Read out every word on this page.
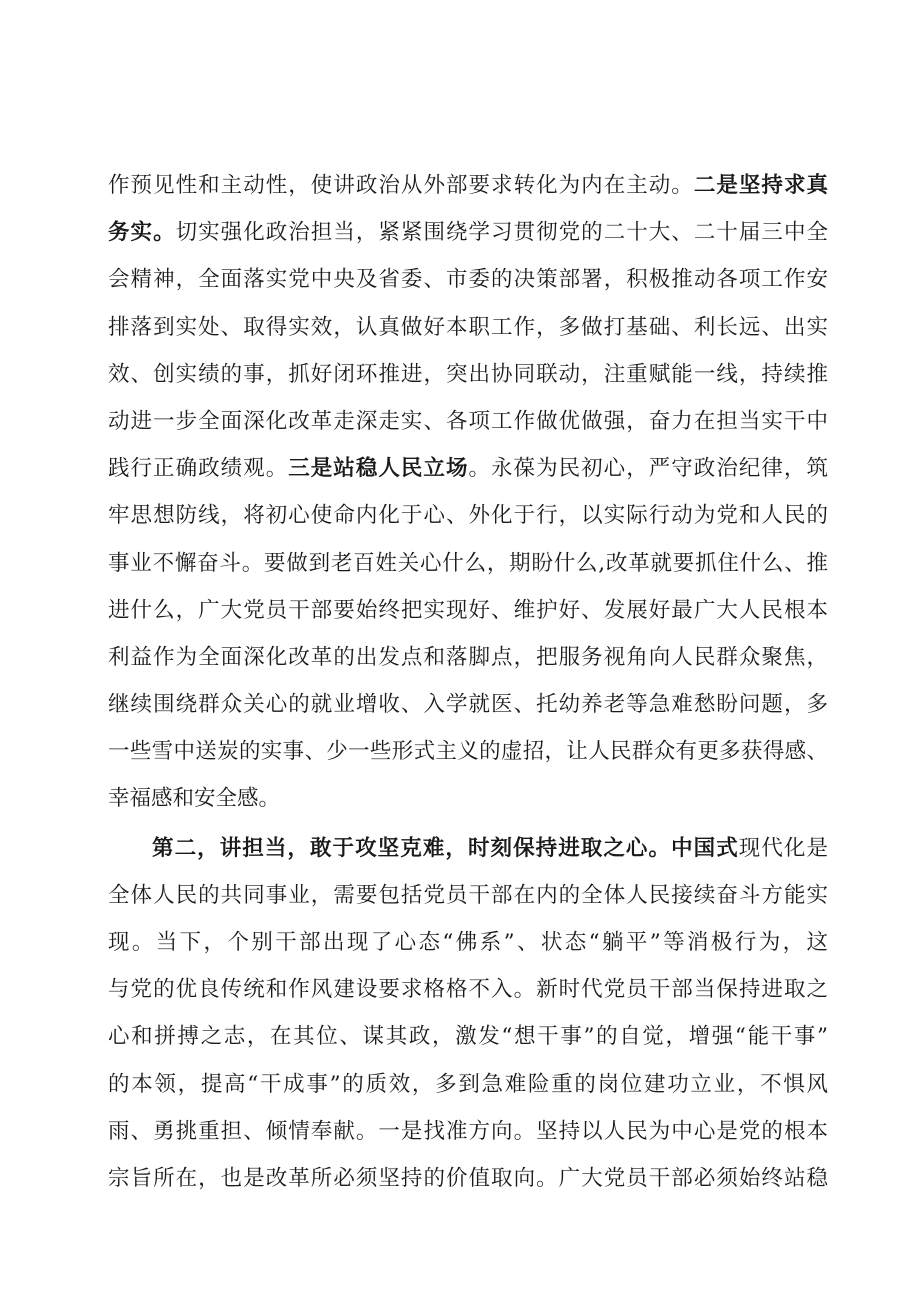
作预见性和主动性，使讲政治从外部要求转化为内在主动。二是坚持求真
务实。切实强化政治担当，紧紧围绕学习贯彻党的二十大、二十届三中全
会精神，全面落实党中央及省委、市委的决策部署，积极推动各项工作安
排落到实处、取得实效，认真做好本职工作，多做打基础、利长远、出实
效、创实绩的事，抓好闭环推进，突出协同联动，注重赋能一线，持续推
动进一步全面深化改革走深走实、各项工作做优做强，奋力在担当实干中
践行正确政绩观。三是站稳人民立场。永葆为民初心，严守政治纪律，筑
牢思想防线，将初心使命内化于心、外化于行，以实际行动为党和人民的
事业不懈奋斗。要做到老百姓关心什么，期盼什么,改革就要抓住什么、推
进什么，广大党员干部要始终把实现好、维护好、发展好最广大人民根本
利益作为全面深化改革的出发点和落脚点，把服务视角向人民群众聚焦，
继续围绕群众关心的就业增收、入学就医、托幼养老等急难愁盼问题，多
一些雪中送炭的实事、少一些形式主义的虚招，让人民群众有更多获得感、
幸福感和安全感。
第二，讲担当，敢于攻坚克难，时刻保持进取之心。中国式现代化是
全体人民的共同事业，需要包括党员干部在内的全体人民接续奋斗方能实
现。当下，个别干部出现了心态“佛系”、状态“躺平”等消极行为，这
与党的优良传统和作风建设要求格格不入。新时代党员干部当保持进取之
心和拼搏之志，在其位、谋其政，激发“想干事”的自觉，增强“能干事”
的本领，提高“干成事”的质效，多到急难险重的岗位建功立业，不惧风
雨、勇挑重担、倾情奉献。一是找准方向。坚持以人民为中心是党的根本
宗旨所在，也是改革所必须坚持的价值取向。广大党员干部必须始终站稳
